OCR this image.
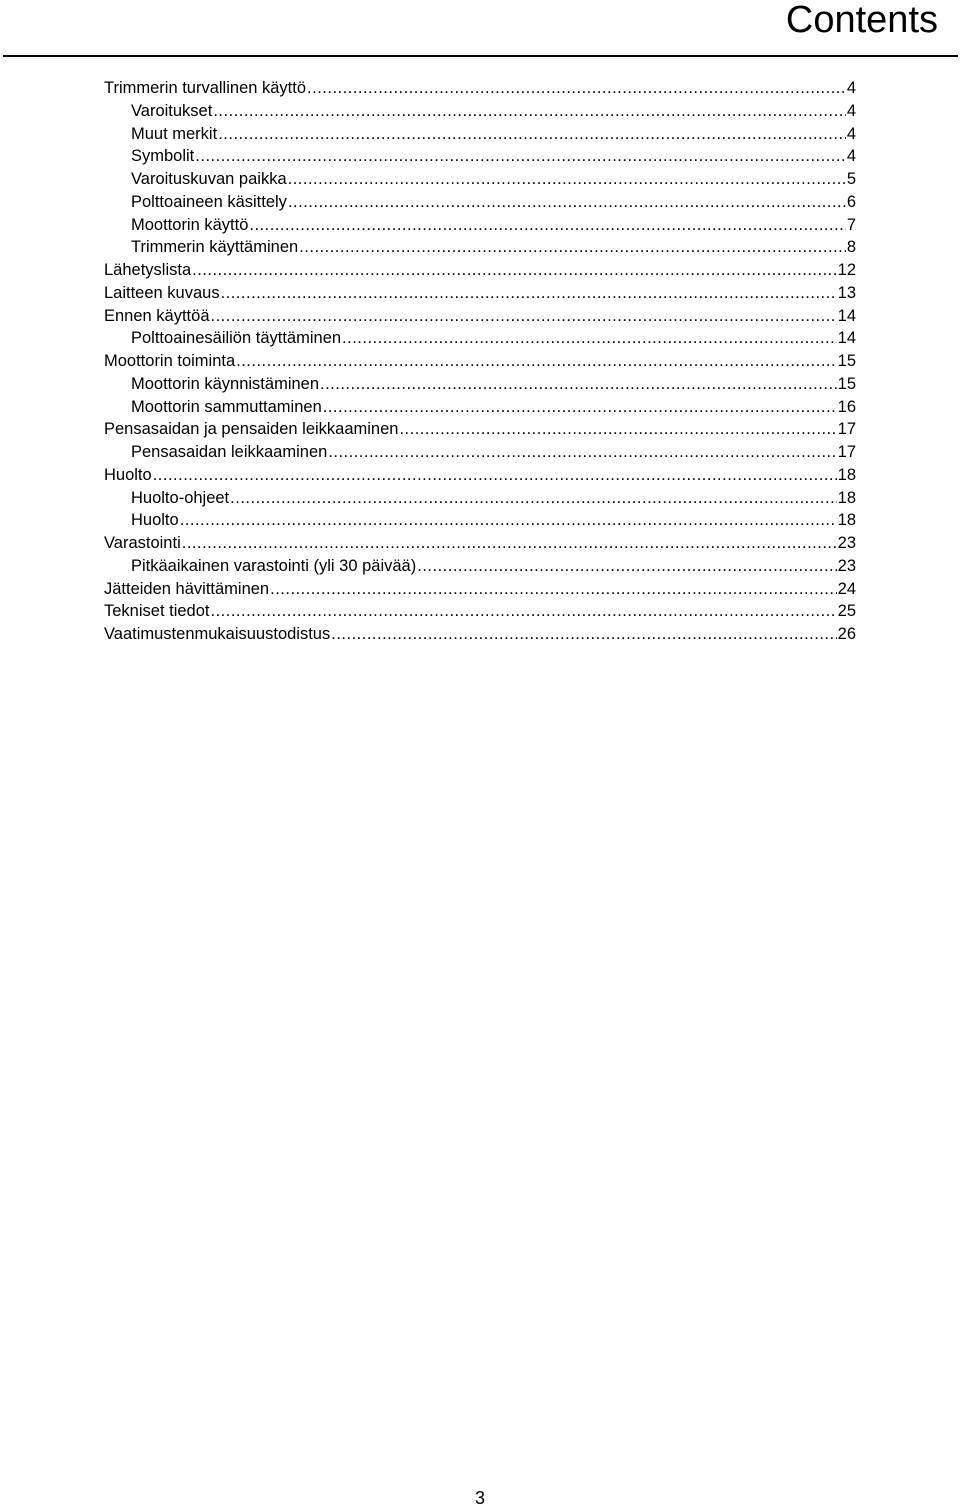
Contents
Trimmerin turvallinen käyttö .....	4
Varoitukset .....	4
Muut merkit .....	4
Symbolit .....	4
Varoituskuvan paikka .....	5
Polttoaineen käsittely .....	6
Moottorin käyttö .....	7
Trimmerin käyttäminen .....	8
Lähetyslista .....	12
Laitteen kuvaus .....	13
Ennen käyttöä .....	14
Polttoainesäiliön täyttäminen .....	14
Moottorin toiminta .....	15
Moottorin käynnistäminen .....	15
Moottorin sammuttaminen .....	16
Pensasaidan ja pensaiden leikkaaminen .....	17
Pensasaidan leikkaaminen .....	17
Huolto .....	18
Huolto-ohjeet .....	18
Huolto .....	18
Varastointi .....	23
Pitkäaikainen varastointi (yli 30 päivää) .....	23
Jätteiden hävittäminen .....	24
Tekniset tiedot .....	25
Vaatimustenmukaisuustodistus .....	26
3
